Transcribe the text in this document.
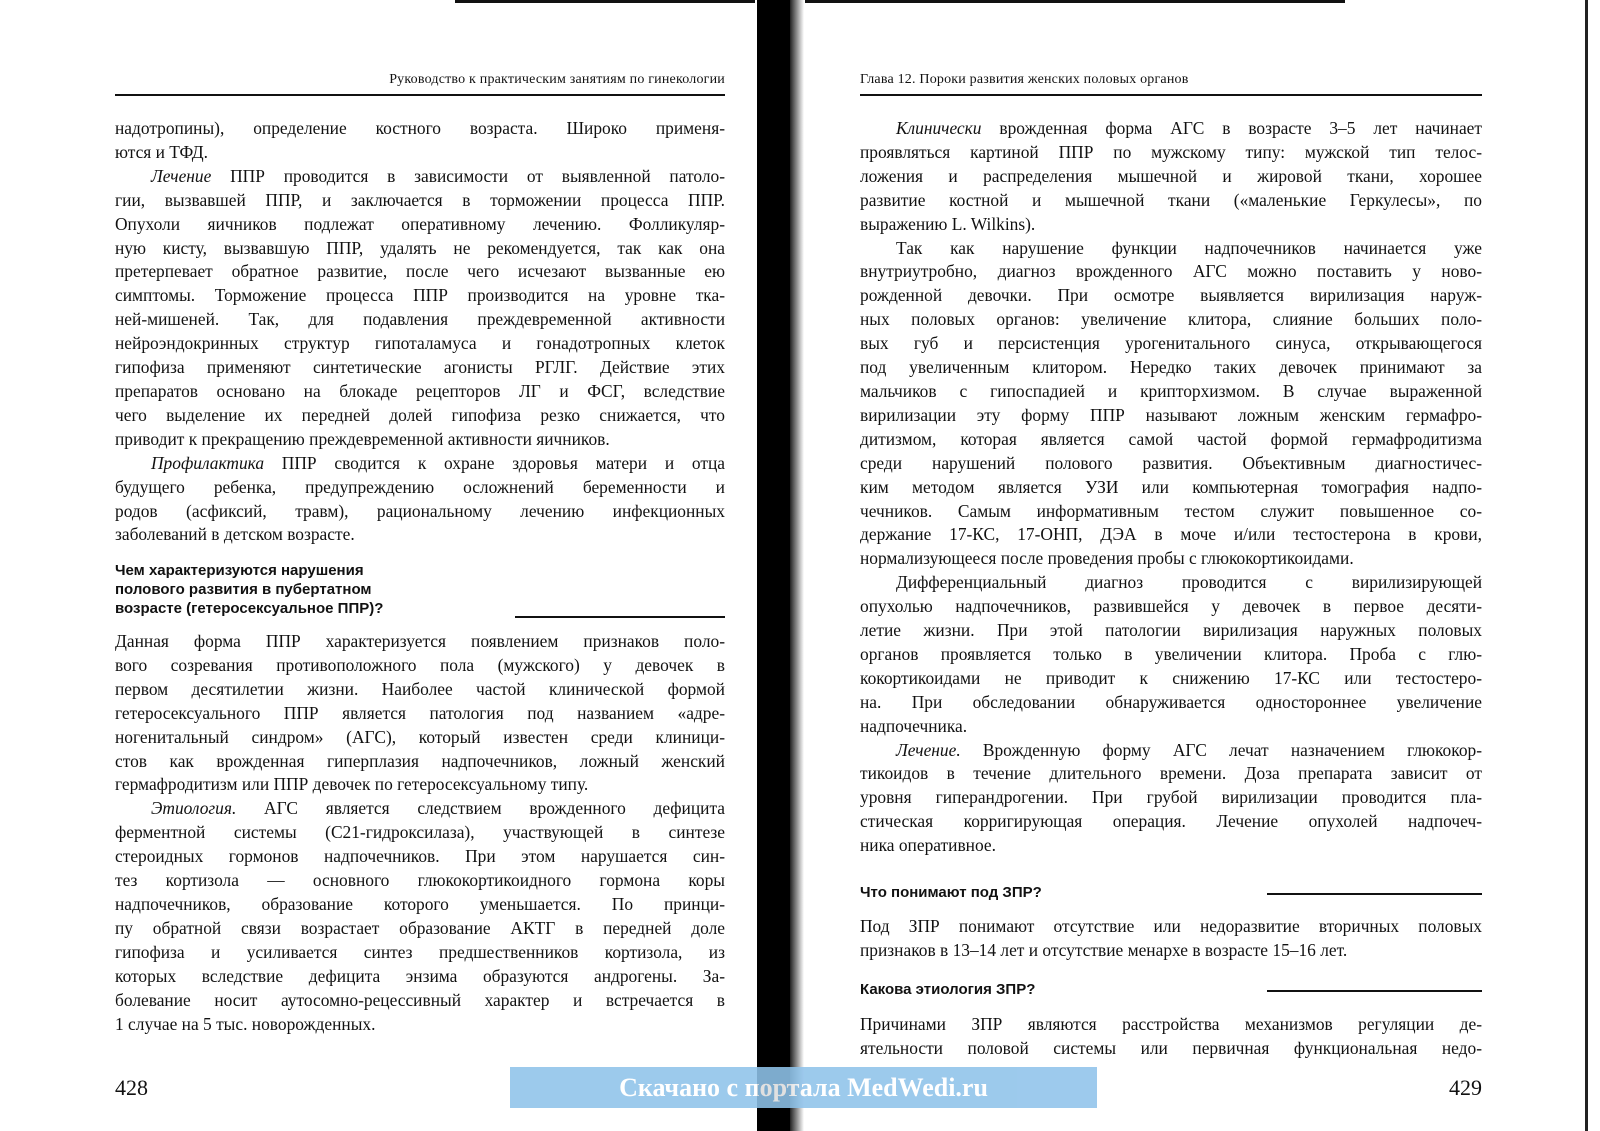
Руководство к практическим занятиям по гинекологии
надотропины), определение костного возраста. Широко применя-
ются и ТФД.
Лечение ППР проводится в зависимости от выявленной патоло-
гии, вызвавшей ППР, и заключается в торможении процесса ППР.
Опухоли яичников подлежат оперативному лечению. Фолликуляр-
ную кисту, вызвавшую ППР, удалять не рекомендуется, так как она
претерпевает обратное развитие, после чего исчезают вызванные ею
симптомы. Торможение процесса ППР производится на уровне тка-
ней-мишеней. Так, для подавления преждевременной активности
нейроэндокринных структур гипоталамуса и гонадотропных клеток
гипофиза применяют синтетические агонисты РГЛГ. Действие этих
препаратов основано на блокаде рецепторов ЛГ и ФСГ, вследствие
чего выделение их передней долей гипофиза резко снижается, что
приводит к прекращению преждевременной активности яичников.
Профилактика ППР сводится к охране здоровья матери и отца
будущего ребенка, предупреждению осложнений беременности и
родов (асфиксий, травм), рациональному лечению инфекционных
заболеваний в детском возрасте.
Чем характеризуются нарушения
полового развития в пубертатном
возрасте (гетеросексуальное ППР)?
Данная форма ППР характеризуется появлением признаков поло-
вого созревания противоположного пола (мужского) у девочек в
первом десятилетии жизни. Наиболее частой клинической формой
гетеросексуального ППР является патология под названием «адре-
ногенитальный синдром» (АГС), который известен среди клиници-
стов как врожденная гиперплазия надпочечников, ложный женский
гермафродитизм или ППР девочек по гетеросексуальному типу.
Этиология. АГС является следствием врожденного дефицита
ферментной системы (С21-гидроксилаза), участвующей в синтезе
стероидных гормонов надпочечников. При этом нарушается син-
тез кортизола — основного глюкокортикоидного гормона коры
надпочечников, образование которого уменьшается. По принци-
пу обратной связи возрастает образование АКТГ в передней доле
гипофиза и усиливается синтез предшественников кортизола, из
которых вследствие дефицита энзима образуются андрогены. За-
болевание носит аутосомно-рецессивный характер и встречается в
1 случае на 5 тыс. новорожденных.
428
Глава 12. Пороки развития женских половых органов
Клинически врожденная форма АГС в возрасте 3–5 лет начинает
проявляться картиной ППР по мужскому типу: мужской тип телос-
ложения и распределения мышечной и жировой ткани, хорошее
развитие костной и мышечной ткани («маленькие Геркулесы», по
выражению L. Wilkins).
Так как нарушение функции надпочечников начинается уже
внутриутробно, диагноз врожденного АГС можно поставить у ново-
рожденной девочки. При осмотре выявляется вирилизация наруж-
ных половых органов: увеличение клитора, слияние больших поло-
вых губ и персистенция урогенитального синуса, открывающегося
под увеличенным клитором. Нередко таких девочек принимают за
мальчиков с гипоспадией и крипторхизмом. В случае выраженной
вирилизации эту форму ППР называют ложным женским гермафро-
дитизмом, которая является самой частой формой гермафродитизма
среди нарушений полового развития. Объективным диагностичес-
ким методом является УЗИ или компьютерная томография надпо-
чечников. Самым информативным тестом служит повышенное со-
держание 17-КС, 17-ОНП, ДЭА в моче и/или тестостерона в крови,
нормализующееся после проведения пробы с глюкокортикоидами.
Дифференциальный диагноз проводится с вирилизирующей
опухолью надпочечников, развившейся у девочек в первое десяти-
летие жизни. При этой патологии вирилизация наружных половых
органов проявляется только в увеличении клитора. Проба с глю-
кокортикоидами не приводит к снижению 17-КС или тестостеро-
на. При обследовании обнаруживается одностороннее увеличение
надпочечника.
Лечение. Врожденную форму АГС лечат назначением глюкокор-
тикоидов в течение длительного времени. Доза препарата зависит от
уровня гиперандрогении. При грубой вирилизации проводится пла-
стическая корригирующая операция. Лечение опухолей надпочеч-
ника оперативное.
Что понимают под ЗПР?
Под ЗПР понимают отсутствие или недоразвитие вторичных половых
признаков в 13–14 лет и отсутствие менархе в возрасте 15–16 лет.
Какова этиология ЗПР?
Причинами ЗПР являются расстройства механизмов регуляции де-
ятельности половой системы или первичная функциональная недо-
429
Скачано с портала MedWedi.ru
